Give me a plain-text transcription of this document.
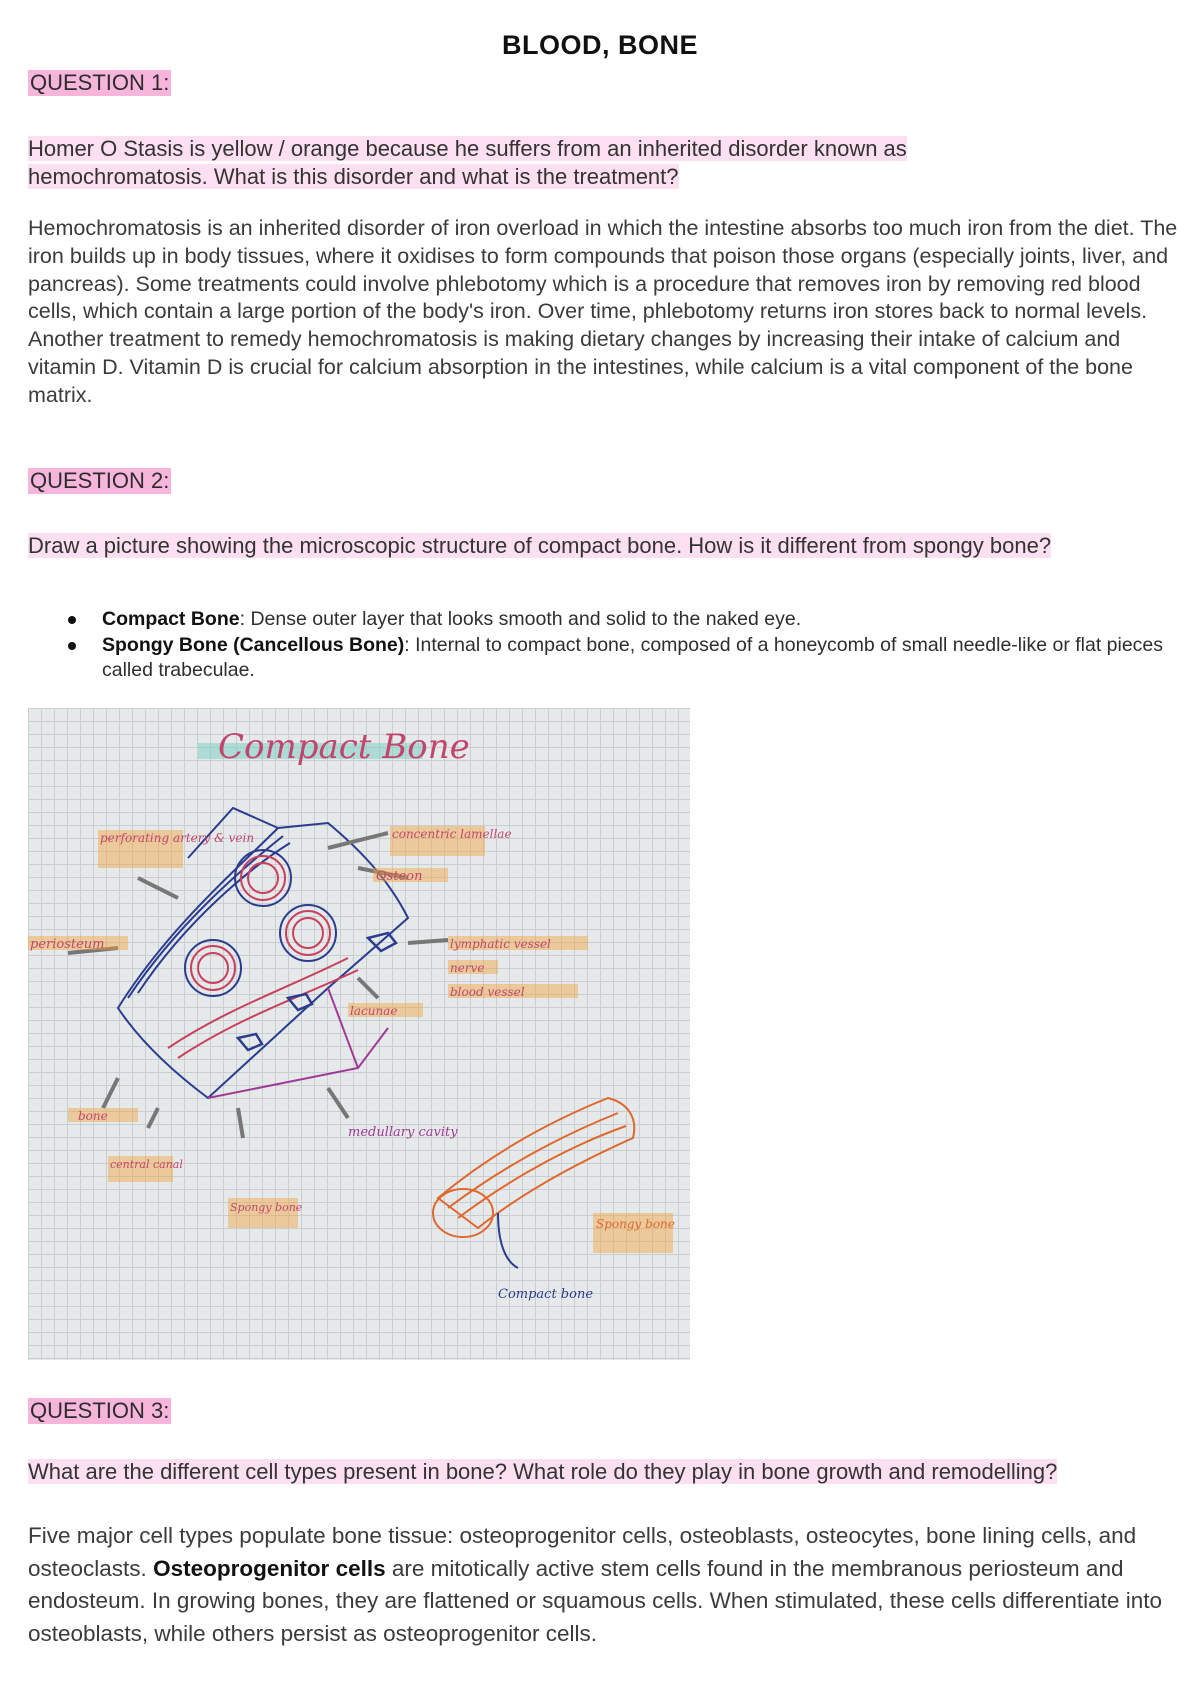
BLOOD, BONE
QUESTION 1:
Homer O Stasis is yellow / orange because he suffers from an inherited disorder known as
hemochromatosis. What is this disorder and what is the treatment?
Hemochromatosis is an inherited disorder of iron overload in which the intestine absorbs too much iron from the diet. The iron builds up in body tissues, where it oxidises to form compounds that poison those organs (especially joints, liver, and pancreas). Some treatments could involve phlebotomy which is a procedure that removes iron by removing red blood cells, which contain a large portion of the body's iron. Over time, phlebotomy returns iron stores back to normal levels. Another treatment to remedy hemochromatosis is making dietary changes by increasing their intake of calcium and vitamin D. Vitamin D is crucial for calcium absorption in the intestines, while calcium is a vital component of the bone matrix.
QUESTION 2:
Draw a picture showing the microscopic structure of compact bone. How is it different from spongy bone?
Compact Bone: Dense outer layer that looks smooth and solid to the naked eye.
Spongy Bone (Cancellous Bone): Internal to compact bone, composed of a honeycomb of small needle-like or flat pieces called trabeculae.
Compact Bone
perforating artery & vein	concentric lamellae
Osteon
periosteum	lymphatic vessel
nerve
blood vessel
lacunae
bone
central canal
Spongy bone
medullary cavity
Spongy bone
Compact bone
QUESTION 3:
What are the different cell types present in bone? What role do they play in bone growth and remodelling?
Five major cell types populate bone tissue: osteoprogenitor cells, osteoblasts, osteocytes, bone lining cells, and osteoclasts. Osteoprogenitor cells are mitotically active stem cells found in the membranous periosteum and endosteum. In growing bones, they are flattened or squamous cells. When stimulated, these cells differentiate into osteoblasts, while others persist as osteoprogenitor cells.
